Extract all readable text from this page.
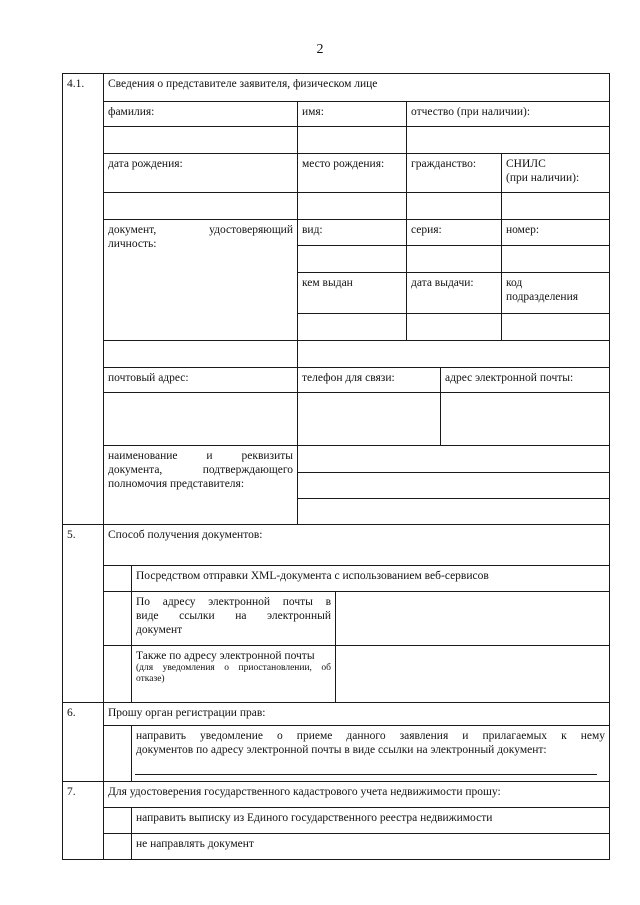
2
4.1.	Сведения о представителе заявителя, физическом лице
фамилия:	имя:	отчество (при наличии):
дата рождения:	место рождения:	гражданство:	СНИЛС
(при наличии):
документ, удостоверяющий
личность:
вид:	серия:	номер:
кем выдан	дата выдачи:	код
подразделения
почтовый адрес:	телефон для связи:	адрес электронной почты:
наименование и реквизиты
документа, подтверждающего
полномочия представителя:
5.	Способ получения документов:
Посредством отправки XML-документа с использованием веб-сервисов
По адресу электронной почты в
виде ссылки на электронный
документ
Также по адресу электронной почты
(для уведомления о приостановлении, об
отказе)
6.	Прошу орган регистрации прав:
направить уведомление о приеме данного заявления и прилагаемых к нему
документов по адресу электронной почты в виде ссылки на электронный документ:
7.	Для удостоверения государственного кадастрового учета недвижимости прошу:
направить выписку из Единого государственного реестра недвижимости
не направлять документ
